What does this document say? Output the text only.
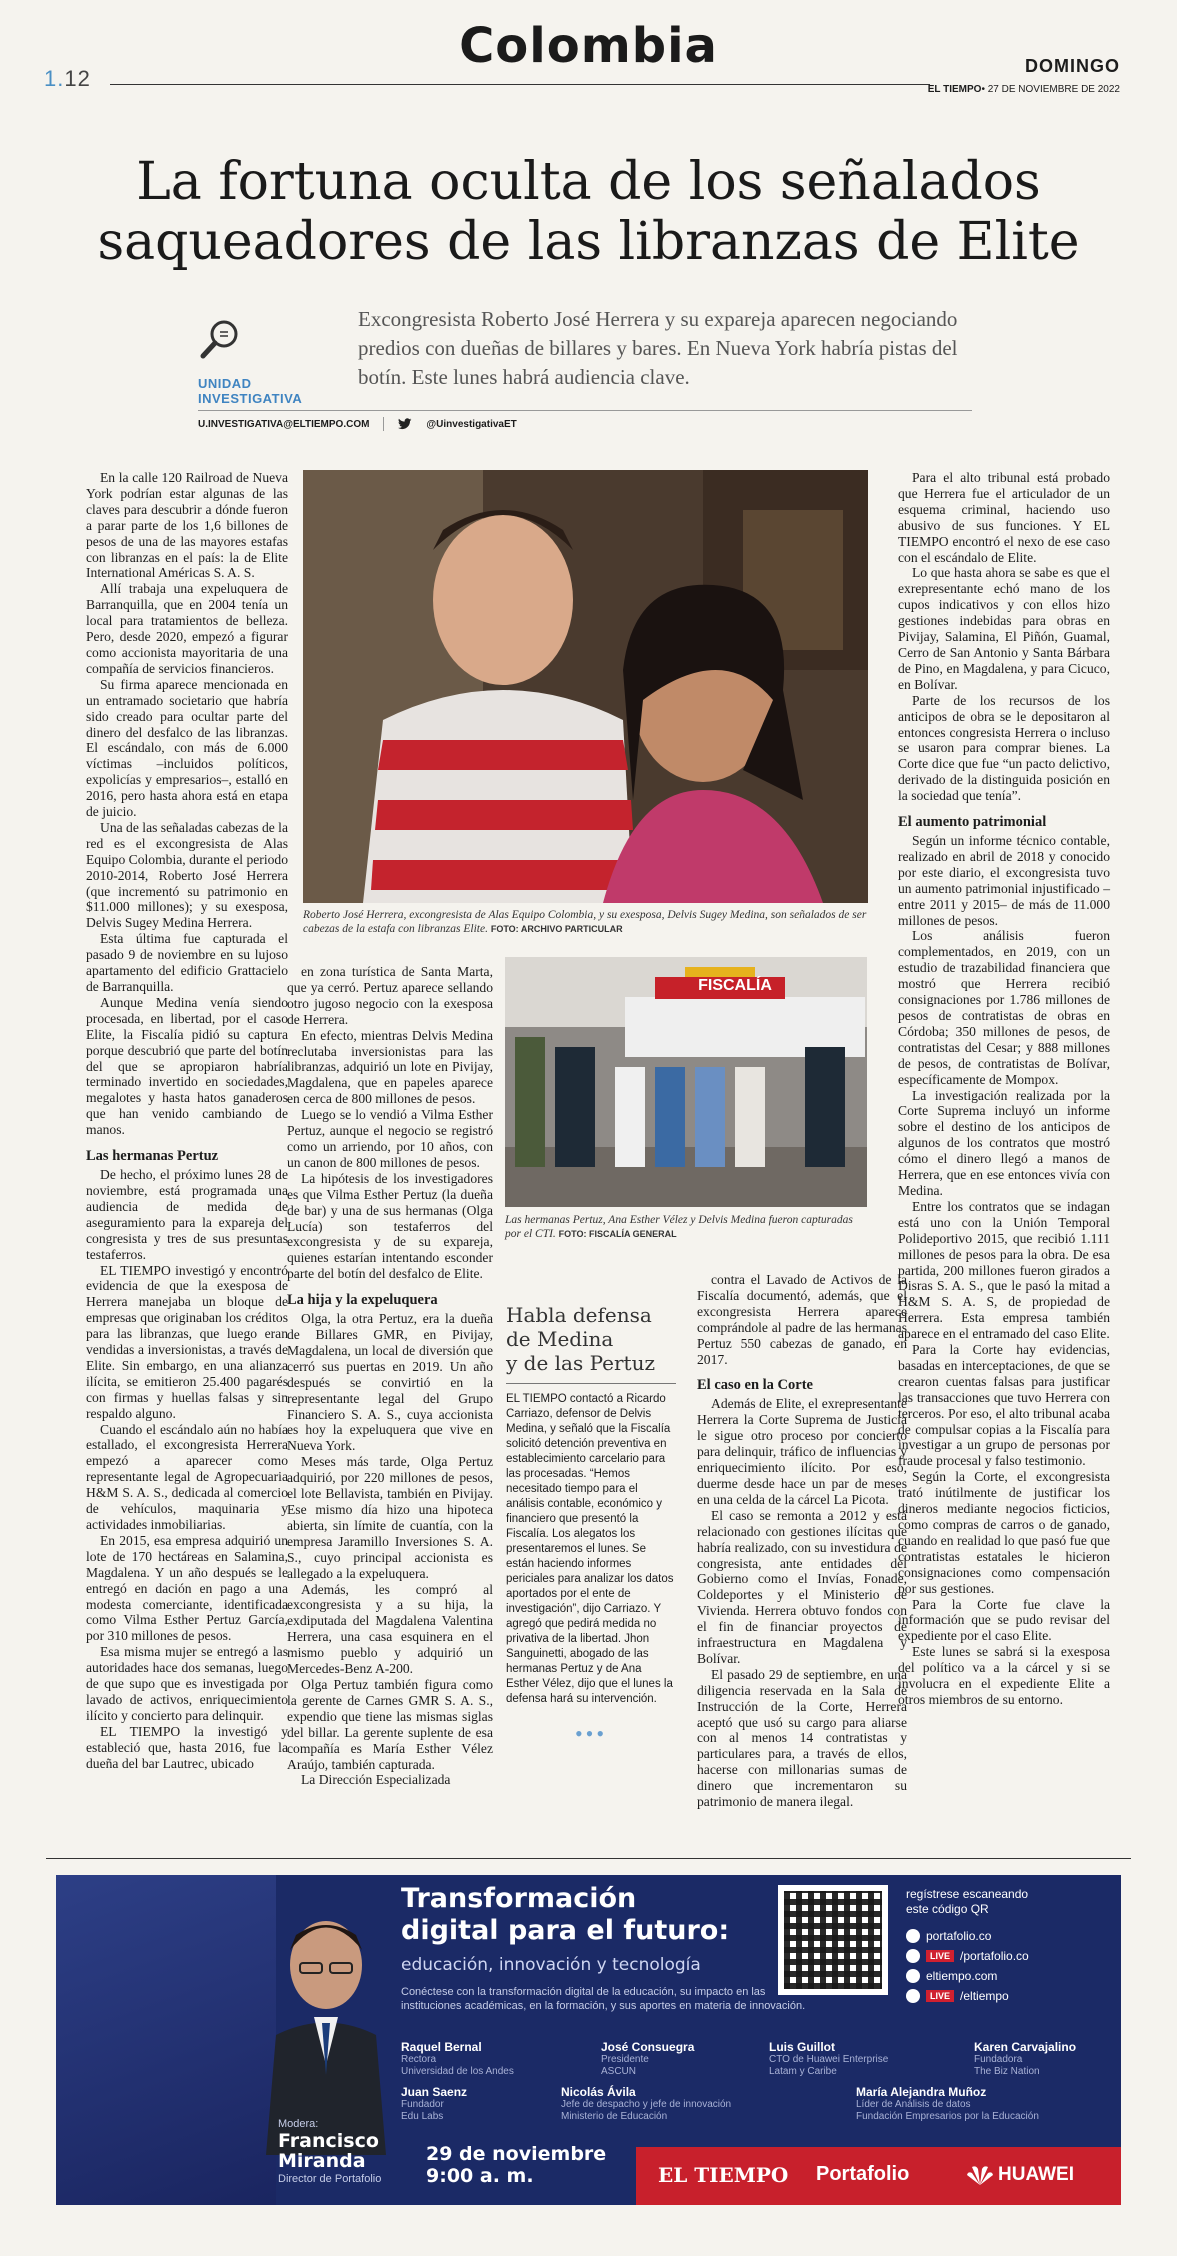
1.12
Colombia	DOMINGO
EL TIEMPO• 27 DE NOVIEMBRE DE 2022
La fortuna oculta de los señalados
saqueadores de las libranzas de Elite
UNIDAD
INVESTIGATIVA
Excongresista Roberto José Herrera y su expareja aparecen negociando predios con dueñas de billares y bares. En Nueva York habría pistas del botín. Este lunes habrá audiencia clave.
U.INVESTIGATIVA@ELTIEMPO.COM	@UinvestigativaET

En la calle 120 Railroad de Nueva York podrían estar algunas de las claves para descubrir a dónde fueron a parar parte de los 1,6 billones de pesos de una de las mayores estafas con libranzas en el país: la de Elite International Américas S. A. S.

Allí trabaja una expeluquera de Barranquilla, que en 2004 tenía un local para tratamientos de belleza. Pero, desde 2020, empezó a figurar como accionista mayoritaria de una compañía de servicios financieros.

Su firma aparece mencionada en un entramado societario que habría sido creado para ocultar parte del dinero del desfalco de las libranzas. El escándalo, con más de 6.000 víctimas –incluidos políticos, expolicías y empresarios–, estalló en 2016, pero hasta ahora está en etapa de juicio.

Una de las señaladas cabezas de la red es el excongresista de Alas Equipo Colombia, durante el periodo 2010-2014, Roberto José Herrera (que incrementó su patrimonio en $11.000 millones); y su exesposa, Delvis Sugey Medina Herrera.

Esta última fue capturada el pasado 9 de noviembre en su lujoso apartamento del edificio Grattacielo de Barranquilla.

Aunque Medina venía siendo procesada, en libertad, por el caso Elite, la Fiscalía pidió su captura porque descubrió que parte del botín del que se apropiaron habría terminado invertido en sociedades, megalotes y hasta hatos ganaderos que han venido cambiando de manos.

Las hermanas Pertuz

De hecho, el próximo lunes 28 de noviembre, está programada una audiencia de medida de aseguramiento para la expareja del congresista y tres de sus presuntas testaferros.

EL TIEMPO investigó y encontró evidencia de que la exesposa de Herrera manejaba un bloque de empresas que originaban los créditos para las libranzas, que luego eran vendidas a inversionistas, a través de Elite. Sin embargo, en una alianza ilícita, se emitieron 25.400 pagarés con firmas y huellas falsas y sin respaldo alguno.

Cuando el escándalo aún no había estallado, el excongresista Herrera empezó a aparecer como representante legal de Agropecuaria H&M S. A. S., dedicada al comercio de vehículos, maquinaria y actividades inmobiliarias.

En 2015, esa empresa adquirió un lote de 170 hectáreas en Salamina, Magdalena. Y un año después se le entregó en dación en pago a una modesta comerciante, identificada como Vilma Esther Pertuz García, por 310 millones de pesos.

Esa misma mujer se entregó a las autoridades hace dos semanas, luego de que supo que es investigada por lavado de activos, enriquecimiento ilícito y concierto para delinquir.

EL TIEMPO la investigó y estableció que, hasta 2016, fue la dueña del bar Lautrec, ubicado

Roberto José Herrera, excongresista de Alas Equipo Colombia, y su exesposa, Delvis Sugey Medina, son señalados de ser cabezas de la estafa con libranzas Elite. FOTO: ARCHIVO PARTICULAR
FISCALÍA
Las hermanas Pertuz, Ana Esther Vélez y Delvis Medina fueron capturadas por el CTI. FOTO: FISCALÍA GENERAL

en zona turística de Santa Marta, que ya cerró. Pertuz aparece sellando otro jugoso negocio con la exesposa de Herrera.

En efecto, mientras Delvis Medina reclutaba inversionistas para las libranzas, adquirió un lote en Pivijay, Magdalena, que en papeles aparece en cerca de 800 millones de pesos.

Luego se lo vendió a Vilma Esther Pertuz, aunque el negocio se registró como un arriendo, por 10 años, con un canon de 800 millones de pesos.

La hipótesis de los investigadores es que Vilma Esther Pertuz (la dueña de bar) y una de sus hermanas (Olga Lucía) son testaferros del excongresista y de su expareja, quienes estarían intentando esconder parte del botín del desfalco de Elite.

La hija y la expeluquera

Olga, la otra Pertuz, era la dueña de Billares GMR, en Pivijay, Magdalena, un local de diversión que cerró sus puertas en 2019. Un año después se convirtió en la representante legal del Grupo Financiero S. A. S., cuya accionista es hoy la expeluquera que vive en Nueva York.

Meses más tarde, Olga Pertuz adquirió, por 220 millones de pesos, el lote Bellavista, también en Pivijay. Ese mismo día hizo una hipoteca abierta, sin límite de cuantía, con la empresa Jaramillo Inversiones S. A. S., cuyo principal accionista es allegado a la expeluquera.

Además, les compró al excongresista y a su hija, la exdiputada del Magdalena Valentina Herrera, una casa esquinera en el mismo pueblo y adquirió un Mercedes-Benz A-200.

Olga Pertuz también figura como la gerente de Carnes GMR S. A. S., expendio que tiene las mismas siglas del billar. La gerente suplente de esa compañía es María Esther Vélez Araújo, también capturada.

La Dirección Especializada

Habla defensa
de Medina
y de las Pertuz
EL TIEMPO contactó a Ricardo Carriazo, defensor de Delvis Medina, y señaló que la Fiscalía solicitó detención preventiva en establecimiento carcelario para las procesadas. “Hemos necesitado tiempo para el análisis contable, económico y financiero que presentó la Fiscalía. Los alegatos los presentaremos el lunes. Se están haciendo informes periciales para analizar los datos aportados por el ente de investigación”, dijo Carriazo. Y agregó que pedirá medida no privativa de la libertad. Jhon Sanguinetti, abogado de las hermanas Pertuz y de Ana Esther Vélez, dijo que el lunes la defensa hará su intervención.
•••

contra el Lavado de Activos de la Fiscalía documentó, además, que el excongresista Herrera aparece comprándole al padre de las hermanas Pertuz 550 cabezas de ganado, en 2017.

El caso en la Corte

Además de Elite, el exrepresentante Herrera la Corte Suprema de Justicia le sigue otro proceso por concierto para delinquir, tráfico de influencias y enriquecimiento ilícito. Por eso, duerme desde hace un par de meses en una celda de la cárcel La Picota.

El caso se remonta a 2012 y está relacionado con gestiones ilícitas que habría realizado, con su investidura de congresista, ante entidades del Gobierno como el Invías, Fonade, Coldeportes y el Ministerio de Vivienda. Herrera obtuvo fondos con el fin de financiar proyectos de infraestructura en Magdalena y Bolívar.

El pasado 29 de septiembre, en una diligencia reservada en la Sala de Instrucción de la Corte, Herrera aceptó que usó su cargo para aliarse con al menos 14 contratistas y particulares para, a través de ellos, hacerse con millonarias sumas de dinero que incrementaron su patrimonio de manera ilegal.

Para el alto tribunal está probado que Herrera fue el articulador de un esquema criminal, haciendo uso abusivo de sus funciones. Y EL TIEMPO encontró el nexo de ese caso con el escándalo de Elite.

Lo que hasta ahora se sabe es que el exrepresentante echó mano de los cupos indicativos y con ellos hizo gestiones indebidas para obras en Pivijay, Salamina, El Piñón, Guamal, Cerro de San Antonio y Santa Bárbara de Pino, en Magdalena, y para Cicuco, en Bolívar.

Parte de los recursos de los anticipos de obra se le depositaron al entonces congresista Herrera o incluso se usaron para comprar bienes. La Corte dice que fue “un pacto delictivo, derivado de la distinguida posición en la sociedad que tenía”.

El aumento patrimonial

Según un informe técnico contable, realizado en abril de 2018 y conocido por este diario, el excongresista tuvo un aumento patrimonial injustificado –entre 2011 y 2015– de más de 11.000 millones de pesos.

Los análisis fueron complementados, en 2019, con un estudio de trazabilidad financiera que mostró que Herrera recibió consignaciones por 1.786 millones de pesos de contratistas de obras en Córdoba; 350 millones de pesos, de contratistas del Cesar; y 888 millones de pesos, de contratistas de Bolívar, específicamente de Mompox.

La investigación realizada por la Corte Suprema incluyó un informe sobre el destino de los anticipos de algunos de los contratos que mostró cómo el dinero llegó a manos de Herrera, que en ese entonces vivía con Medina.

Entre los contratos que se indagan está uno con la Unión Temporal Polideportivo 2015, que recibió 1.111 millones de pesos para la obra. De esa partida, 200 millones fueron girados a Disras S. A. S., que le pasó la mitad a H&M S. A. S, de propiedad de Herrera. Esta empresa también aparece en el entramado del caso Elite.

Para la Corte hay evidencias, basadas en interceptaciones, de que se crearon cuentas falsas para justificar las transacciones que tuvo Herrera con terceros. Por eso, el alto tribunal acaba de compulsar copias a la Fiscalía para investigar a un grupo de personas por fraude procesal y falso testimonio.

Según la Corte, el excongresista trató inútilmente de justificar los dineros mediante negocios ficticios, como compras de carros o de ganado, cuando en realidad lo que pasó fue que contratistas estatales le hicieron consignaciones como compensación por sus gestiones.

Para la Corte fue clave la información que se pudo revisar del expediente por el caso Elite.

Este lunes se sabrá si la exesposa del político va a la cárcel y si se involucra en el expediente Elite a otros miembros de su entorno.

Transformación
digital para el futuro:
educación, innovación y tecnología
Conéctese con la transformación digital de la educación, su impacto en las instituciones académicas, en la formación, y sus aportes en materia de innovación.
regístrese escaneando
este código QR
portafolio.co
LIVE /portafolio.co
eltiempo.com
LIVE /eltiempo
Raquel Bernal
Rectora
Universidad de los Andes
José Consuegra
Presidente
ASCUN
Luis Guillot
CTO de Huawei Enterprise
Latam y Caribe
Karen Carvajalino
Fundadora
The Biz Nation
Juan Saenz
Fundador
Edu Labs
Nicolás Ávila
Jefe de despacho y jefe de innovación
Ministerio de Educación
María Alejandra Muñoz
Líder de Análisis de datos
Fundación Empresarios por la Educación
Modera:
Francisco
Miranda
Director de Portafolio
29 de noviembre
9:00 a. m.	EL TIEMPO Portafolio	HUAWEI
